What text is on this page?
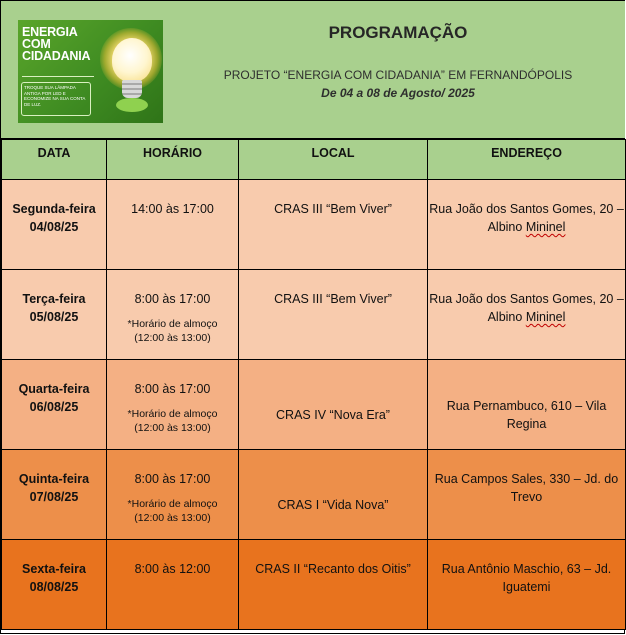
ENERGIA
COM
CIDADANIA
TROQUE SUA LÂMPADA ANTIGA POR LED E ECONOMIZE NA SUA CONTA DE LUZ.
PROGRAMAÇÃO
PROJETO “ENERGIA COM CIDADANIA” EM FERNANDÓPOLIS
De 04 a 08 de Agosto/ 2025
DATA	HORÁRIO	LOCAL	ENDEREÇO
Segunda-feira
04/08/25	14:00 às 17:00	CRAS III “Bem Viver”	Rua João dos Santos Gomes, 20 – Albino Mininel
Terça-feira
05/08/25	8:00 às 17:00
*Horário de almoço
(12:00 às 13:00)	CRAS III “Bem Viver”	Rua João dos Santos Gomes, 20 – Albino Mininel
Quarta-feira
06/08/25	8:00 às 17:00
*Horário de almoço
(12:00 às 13:00)	CRAS IV “Nova Era”	Rua Pernambuco, 610 – Vila Regina
Quinta-feira
07/08/25	8:00 às 17:00
*Horário de almoço
(12:00 às 13:00)	CRAS I “Vida Nova”	Rua Campos Sales, 330 – Jd. do Trevo
Sexta-feira
08/08/25	8:00 às 12:00	CRAS II “Recanto dos Oitis”	Rua Antônio Maschio, 63 – Jd. Iguatemi
